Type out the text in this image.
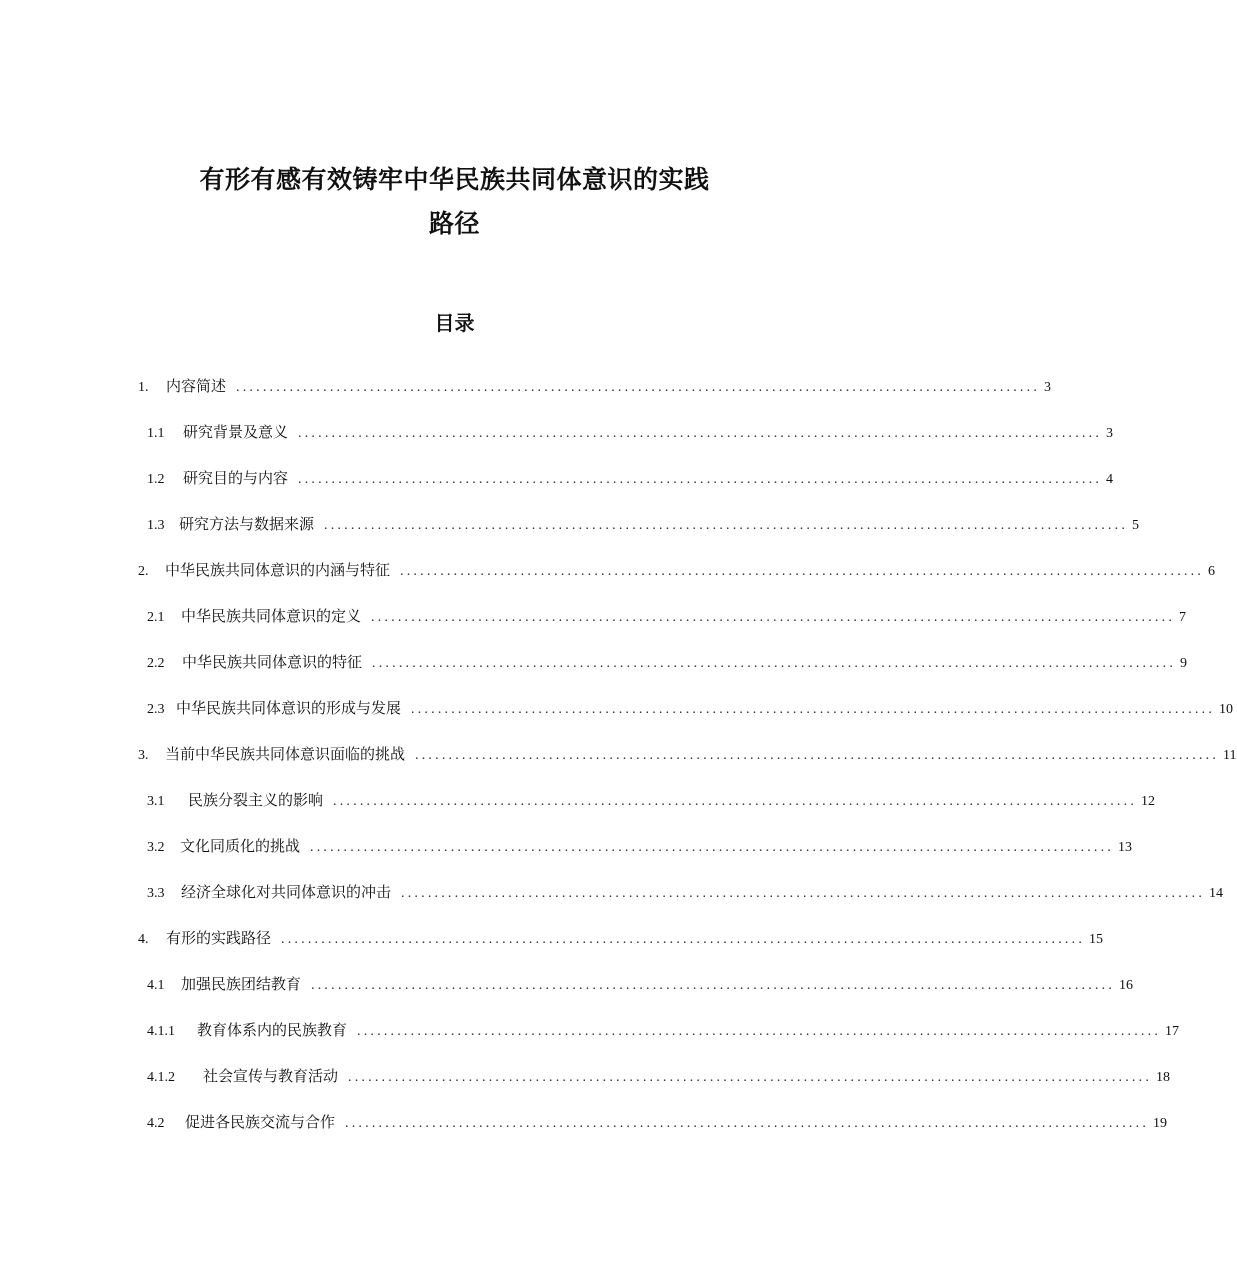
有形有感有效铸牢中华民族共同体意识的实践
路径
目录
1.	内容简述 ........................................................................................................................ 3
1.1	研究背景及意义 ........................................................................................................................ 3
1.2	研究目的与内容 ........................................................................................................................ 4
1.3 研究方法与数据来源 ........................................................................................................................ 5
2.	中华民族共同体意识的内涵与特征 ........................................................................................................................ 6
2.1	中华民族共同体意识的定义 ........................................................................................................................ 7
2.2	中华民族共同体意识的特征 ........................................................................................................................ 9
2.3 中华民族共同体意识的形成与发展 ........................................................................................................................ 10
3.	当前中华民族共同体意识面临的挑战 ........................................................................................................................ 11
3.1	民族分裂主义的影响 ........................................................................................................................ 12
3.2	文化同质化的挑战 ........................................................................................................................ 13
3.3	经济全球化对共同体意识的冲击 ........................................................................................................................ 14
4.	有形的实践路径 ........................................................................................................................ 15
4.1	加强民族团结教育 ........................................................................................................................ 16
4.1.1	教育体系内的民族教育 ........................................................................................................................ 17
4.1.2	社会宣传与教育活动 ........................................................................................................................ 18
4.2	促进各民族交流与合作 ........................................................................................................................ 19
